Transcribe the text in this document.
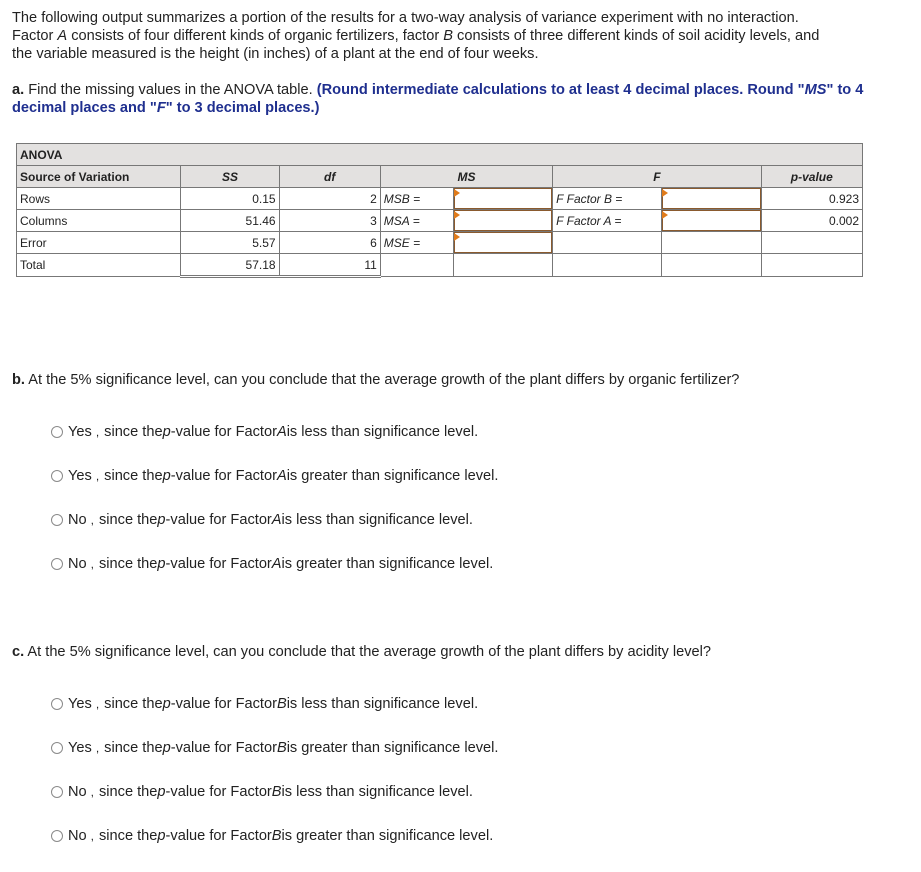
The following output summarizes a portion of the results for a two-way analysis of variance experiment with no interaction.
Factor A consists of four different kinds of organic fertilizers, factor B consists of three different kinds of soil acidity levels, and
the variable measured is the height (in inches) of a plant at the end of four weeks.
a. Find the missing values in the ANOVA table. (Round intermediate calculations to at least 4 decimal places. Round "MS" to 4
decimal places and "F" to 3 decimal places.)
ANOVA							
Source of Variation	SS	df	MS		F		p-value
Rows	0.15	2	MSB =		F Factor B =		0.923
Columns	51.46	3	MSA =		F Factor A =		0.002
Error	5.57	6	MSE =	

Total	57.18	11					
b. At the 5% significance level, can you conclude that the average growth of the plant differs by organic fertilizer?
Yes , since the p -value for Factor A is less than significance level.
Yes , since the p -value for Factor A is greater than significance level.
No , since the p -value for Factor A is less than significance level.
No , since the p -value for Factor A is greater than significance level.
c. At the 5% significance level, can you conclude that the average growth of the plant differs by acidity level?
Yes , since the p -value for Factor B is less than significance level.
Yes , since the p -value for Factor B is greater than significance level.
No , since the p -value for Factor B is less than significance level.
No , since the p -value for Factor B is greater than significance level.
